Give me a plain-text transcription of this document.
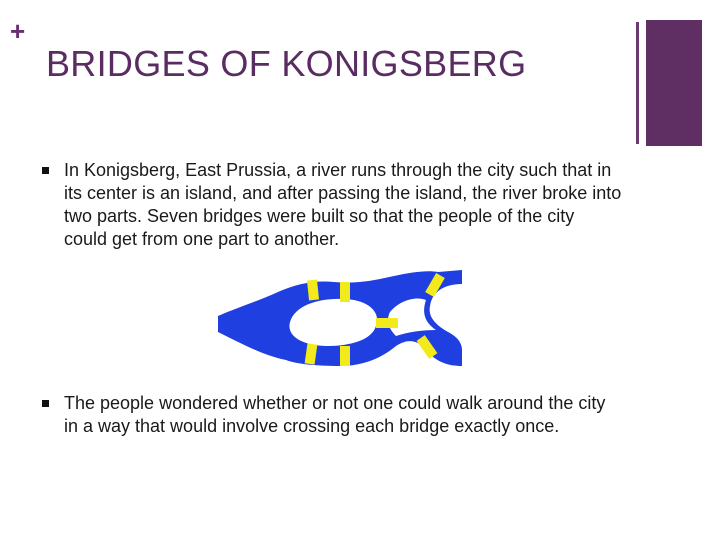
+
BRIDGES OF KONIGSBERG
In Konigsberg, East Prussia, a river runs through the city such that in its center is an island, and after passing the island, the river broke into two parts. Seven bridges were built so that the people of the city could get from one part to another.
The people wondered whether or not one could walk around the city in a way that would involve crossing each bridge exactly once.
